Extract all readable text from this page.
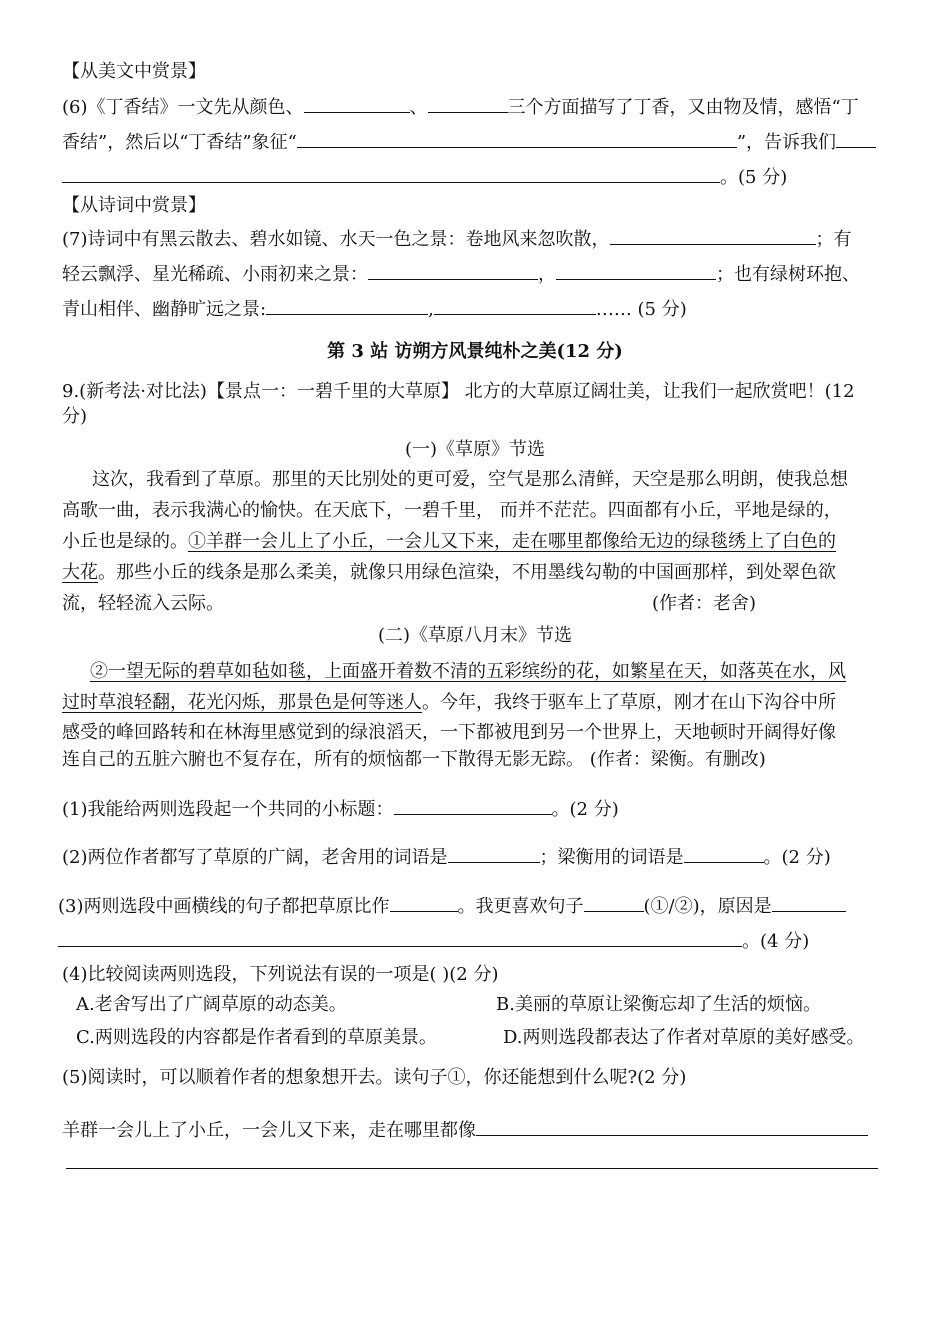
【从美文中赏景】
(6)《丁香结》一文先从颜色、	、	三个方面描写了丁香，又由物及情，感悟“丁
香结”，然后以“丁香结”象征“	”，告诉我们
。(5 分)
【从诗词中赏景】
(7)诗词中有黑云散去、碧水如镜、水天一色之景：卷地风来忽吹散，	；有
轻云飘浮、星光稀疏、小雨初来之景：	，	；也有绿树环抱、
青山相伴、幽静旷远之景:	,	…… (5 分)
第 3 站 访朔方风景纯朴之美(12 分)
9.(新考法·对比法)【景点一：一碧千里的大草原】 北方的大草原辽阔壮美，让我们一起欣赏吧！(12
分)
(一)《草原》节选
这次，我看到了草原。那里的天比别处的更可爱，空气是那么清鲜，天空是那么明朗，使我总想
高歌一曲，表示我满心的愉快。在天底下，一碧千里， 而并不茫茫。四面都有小丘，平地是绿的，
小丘也是绿的。①羊群一会儿上了小丘，一会儿又下来，走在哪里都像给无边的绿毯绣上了白色的
大花。那些小丘的线条是那么柔美，就像只用绿色渲染，不用墨线勾勒的中国画那样，到处翠色欲
流，轻轻流入云际。	(作者：老舍)
(二)《草原八月末》节选
②一望无际的碧草如毡如毯，上面盛开着数不清的五彩缤纷的花，如繁星在天，如落英在水，风
过时草浪轻翻，花光闪烁，那景色是何等迷人。今年，我终于驱车上了草原，刚才在山下沟谷中所
感受的峰回路转和在林海里感觉到的绿浪滔天，一下都被甩到另一个世界上，天地顿时开阔得好像
连自己的五脏六腑也不复存在，所有的烦恼都一下散得无影无踪。 (作者：梁衡。有删改)
(1)我能给两则选段起一个共同的小标题：	。(2 分)
(2)两位作者都写了草原的广阔，老舍用的词语是	；梁衡用的词语是	。(2 分)
(3)两则选段中画横线的句子都把草原比作	。我更喜欢句子	(①/②)，原因是
。(4 分)
(4)比较阅读两则选段，下列说法有误的一项是( )(2 分)
A.老舍写出了广阔草原的动态美。	B.美丽的草原让梁衡忘却了生活的烦恼。
C.两则选段的内容都是作者看到的草原美景。	D.两则选段都表达了作者对草原的美好感受。
(5)阅读时，可以顺着作者的想象想开去。读句子①，你还能想到什么呢?(2 分)
羊群一会儿上了小丘，一会儿又下来，走在哪里都像
